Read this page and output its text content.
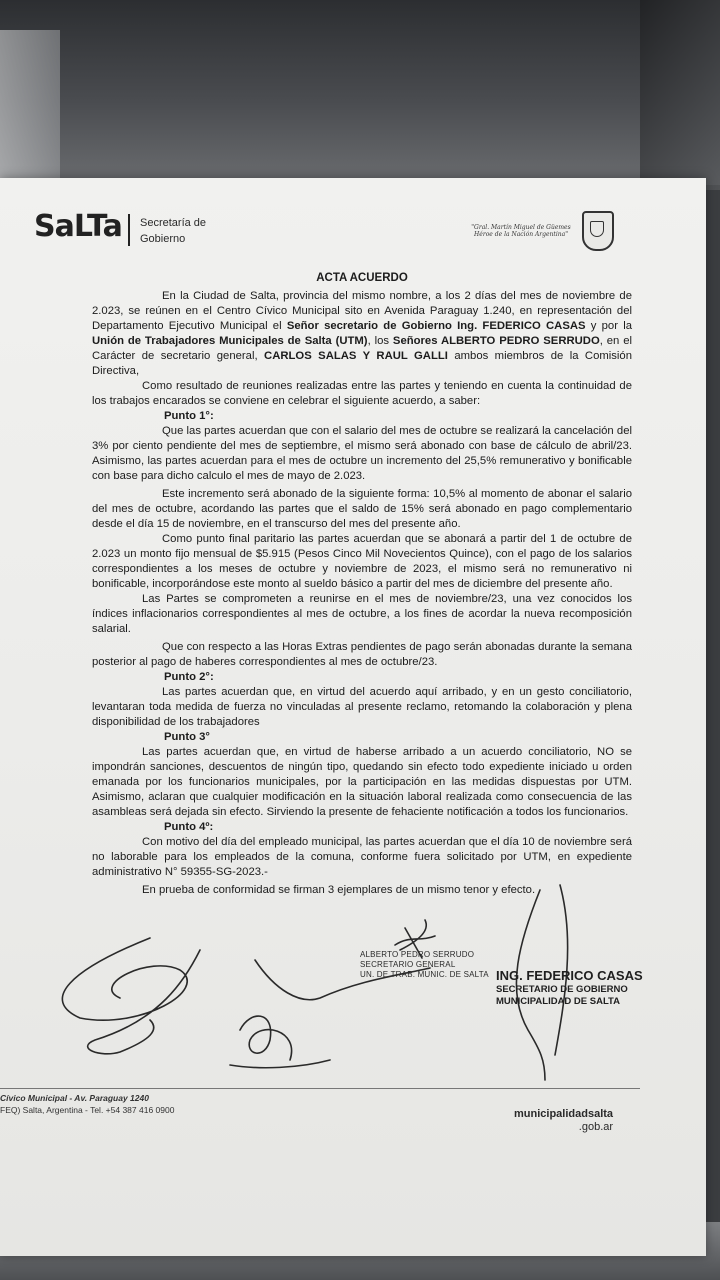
SaLTa Secretaría de
Gobierno
"Gral. Martín Miguel de Güemes
Héroe de la Nación Argentina"

ACTA ACUERDO

En la Ciudad de Salta, provincia del mismo nombre, a los 2 días del mes de noviembre de 2.023, se reúnen en el Centro Cívico Municipal sito en Avenida Paraguay 1.240, en representación del Departamento Ejecutivo Municipal el Señor secretario de Gobierno Ing. FEDERICO CASAS y por la Unión de Trabajadores Municipales de Salta (UTM), los Señores ALBERTO PEDRO SERRUDO, en el Carácter de secretario general, CARLOS SALAS Y RAUL GALLI ambos miembros de la Comisión Directiva,

Como resultado de reuniones realizadas entre las partes y teniendo en cuenta la continuidad de los trabajos encarados se conviene en celebrar el siguiente acuerdo, a saber:

Punto 1°:

Que las partes acuerdan que con el salario del mes de octubre se realizará la cancelación del 3% por ciento pendiente del mes de septiembre, el mismo será abonado con base de cálculo de abril/23. Asimismo, las partes acuerdan para el mes de octubre un incremento del 25,5% remunerativo y bonificable con base para dicho calculo el mes de mayo de 2.023.

Este incremento será abonado de la siguiente forma: 10,5% al momento de abonar el salario del mes de octubre, acordando las partes que el saldo de 15% será abonado en pago complementario desde el día 15 de noviembre, en el transcurso del mes del presente año.

Como punto final paritario las partes acuerdan que se abonará a partir del 1 de octubre de 2.023 un monto fijo mensual de $5.915 (Pesos Cinco Mil Novecientos Quince), con el pago de los salarios correspondientes a los meses de octubre y noviembre de 2023, el mismo será no remunerativo ni bonificable, incorporándose este monto al sueldo básico a partir del mes de diciembre del presente año.

Las Partes se comprometen a reunirse en el mes de noviembre/23, una vez conocidos los índices inflacionarios correspondientes al mes de octubre, a los fines de acordar la nueva recomposición salarial.

Que con respecto a las Horas Extras pendientes de pago serán abonadas durante la semana posterior al pago de haberes correspondientes al mes de octubre/23.

Punto 2°:

Las partes acuerdan que, en virtud del acuerdo aquí arribado, y en un gesto conciliatorio, levantaran toda medida de fuerza no vinculadas al presente reclamo, retomando la colaboración y plena disponibilidad de los trabajadores

Punto 3°

Las partes acuerdan que, en virtud de haberse arribado a un acuerdo conciliatorio, NO se impondrán sanciones, descuentos de ningún tipo, quedando sin efecto todo expediente iniciado u orden emanada por los funcionarios municipales, por la participación en las medidas dispuestas por UTM. Asimismo, aclaran que cualquier modificación en la situación laboral realizada como consecuencia de las asambleas será dejada sin efecto. Sirviendo la presente de fehaciente notificación a todos los funcionarios.

Punto 4º:

Con motivo del día del empleado municipal, las partes acuerdan que el día 10 de noviembre será no laborable para los empleados de la comuna, conforme fuera solicitado por UTM, en expediente administrativo N° 59355-SG-2023.-

En prueba de conformidad se firman 3 ejemplares de un mismo tenor y efecto.

ALBERTO PEDRO SERRUDO
SECRETARIO GENERAL
UN. DE TRAB. MUNIC. DE SALTA ING. FEDERICO CASAS
SECRETARIO DE GOBIERNO
MUNICIPALIDAD DE SALTA
Cívico Municipal - Av. Paraguay 1240
FEQ) Salta, Argentina - Tel. +54 387 416 0900	municipalidadsalta
.gob.ar
